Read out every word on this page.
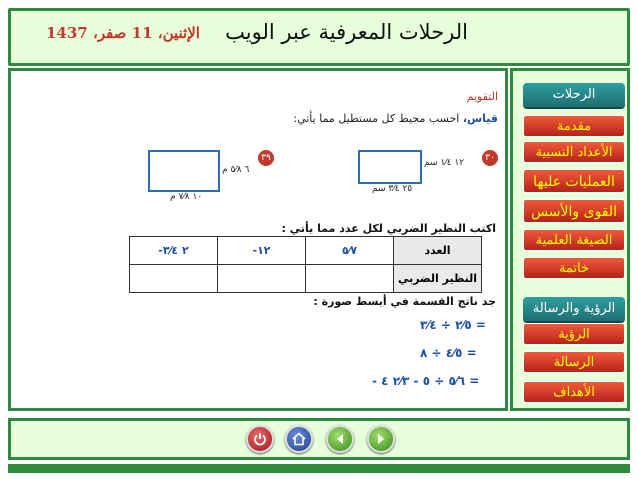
الرحلات المعرفية عبر الويب
الإثنين، 11 صفر، 1437
التقويم
قياس، احسب محيط كل مستطيل مما يأتي:
٣٩
٦ ٥⁄٨ م
١٠ ٧⁄٨ م
٣٠
١٢ ١⁄٤ سم
٢٥ ٣⁄٤ سم
اكتب النظير الضربي لكل عدد مما يأتي :
-٢ ٣⁄٤	-١٢	٥⁄٧	العدد
			النظير الضربي
جد ناتج القسمة في أبسط صورة :
٢⁄٥ ÷ ٣⁄٤ =
٤⁄٥ ÷ ٨ =
- ٥⁄٦ ÷ ٥ - ٢⁄٣ ٤ =
الرحلات
مقدمة
الأعداد النسبية
العمليات عليها
القوى والأسس
الصيغة العلمية
خاتمة
الرؤية والرسالة
الرؤية
الرسالة
الأهداف
